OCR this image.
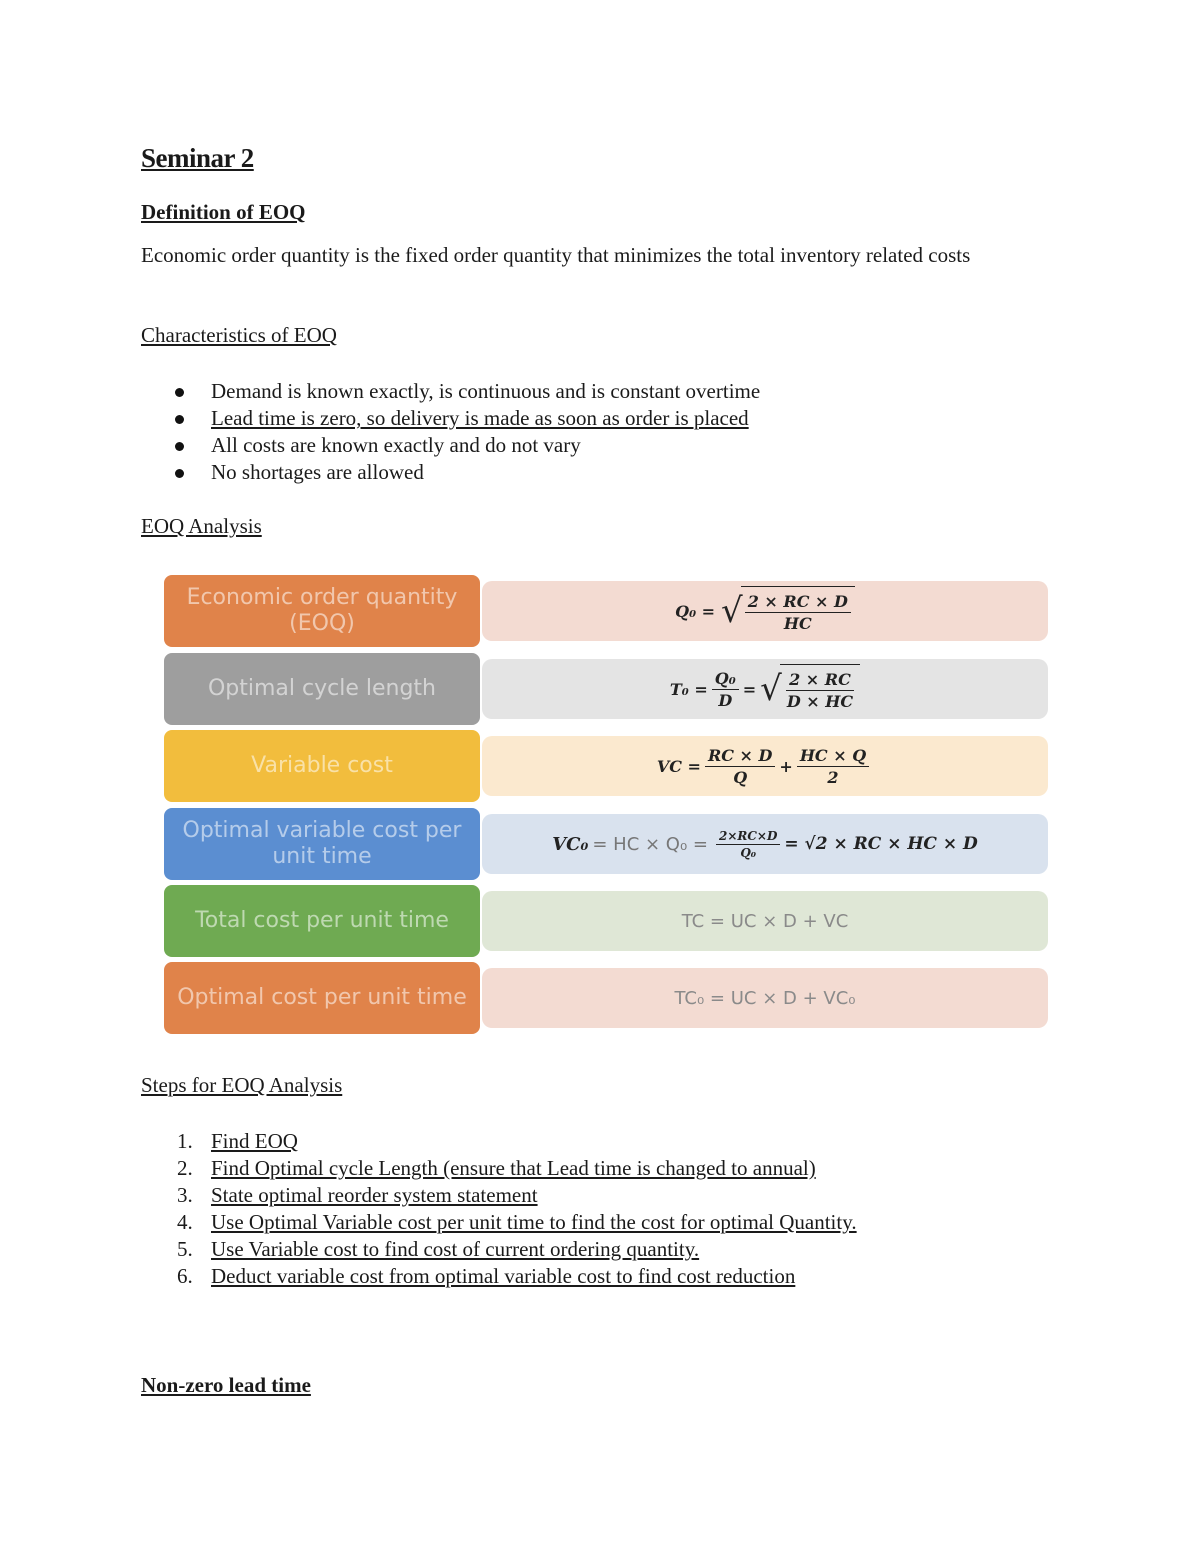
Seminar 2
Definition of EOQ
Economic order quantity is the fixed order quantity that minimizes the total inventory related costs
Characteristics of EOQ
Demand is known exactly, is continuous and is constant overtime
Lead time is zero, so delivery is made as soon as order is placed
All costs are known exactly and do not vary
No shortages are allowed
EOQ Analysis
Economic order quantity (EOQ)	Q₀ = √ $\frac{2 \times RC \times D}{HC}$
Optimal cycle length	$T_0 = \frac{\text{Q₀}}{D}$ = √ $\frac{2 \times RC}{D \times HC}$
Variable cost	VC = $\frac{RC \times D}{Q} + \frac{HC \times Q}{2}$
Optimal variable cost per unit time	VC₀ = HC × $Q_0 = \frac{2\times RC\times D}{\text{Q₀}} = √2$ × RC × HC × D
Total cost per unit time	TC = UC × D + VC
Optimal cost per unit time	TC₀ = UC × D + VC₀
Steps for EOQ Analysis
1. Find EOQ
2. Find Optimal cycle Length (ensure that Lead time is changed to annual)
3. State optimal reorder system statement
4. Use Optimal Variable cost per unit time to find the cost for optimal Quantity.
5. Use Variable cost to find cost of current ordering quantity.
6. Deduct variable cost from optimal variable cost to find cost reduction
Non-zero lead time
